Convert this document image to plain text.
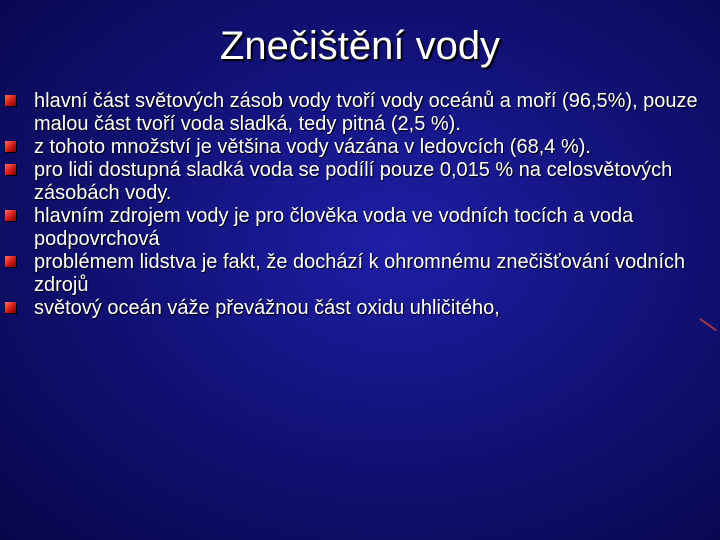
Znečištění vody
hlavní část světových zásob vody tvoří vody oceánů a moří (96,5%), pouze malou část tvoří voda sladká, tedy pitná (2,5 %).
z tohoto množství je většina vody vázána v ledovcích (68,4 %).
pro lidi dostupná sladká voda se podílí pouze 0,015 % na celosvětových zásobách vody.
hlavním zdrojem vody je pro člověka voda ve vodních tocích a voda podpovrchová
problémem lidstva je fakt, že dochází k ohromnému znečišťování vodních zdrojů
světový oceán váže převážnou část oxidu uhličitého,
